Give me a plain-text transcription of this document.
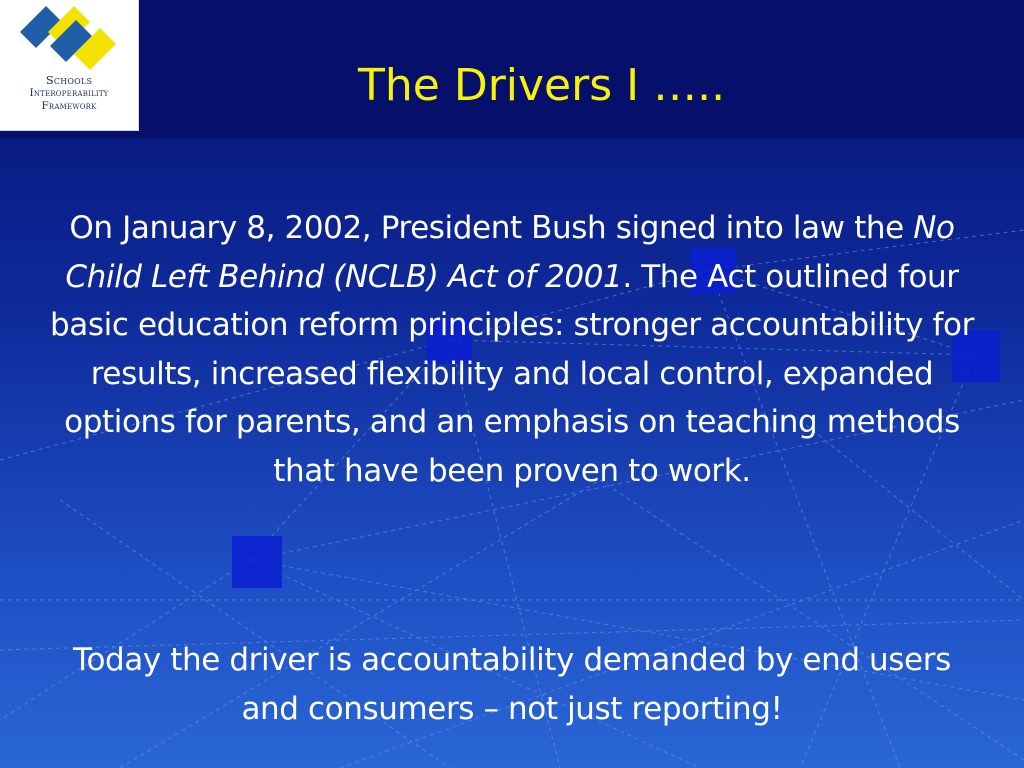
Schools
Interoperability
Framework	The Drivers I …..

On January 8, 2002, President Bush signed into law the No Child Left Behind (NCLB) Act of 2001. The Act outlined four basic education reform principles: stronger accountability for results, increased flexibility and local control, expanded options for parents, and an emphasis on teaching methods that have been proven to work.

Today the driver is accountability demanded by end users and consumers – not just reporting!
